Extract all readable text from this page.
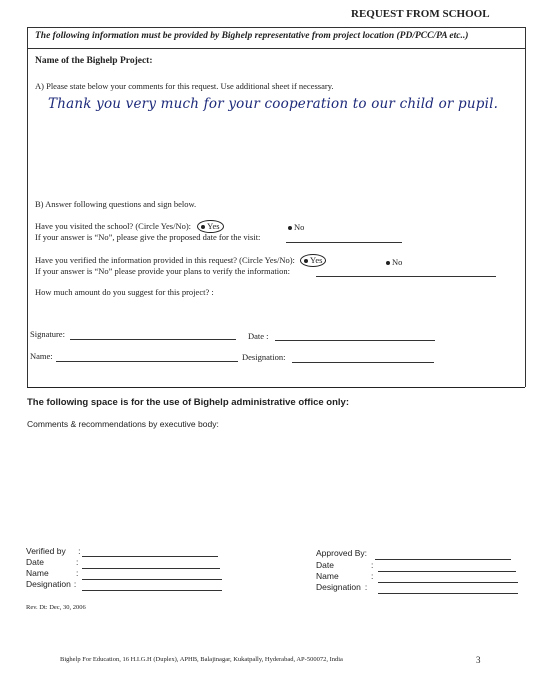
REQUEST FROM SCHOOL
The following information must be provided by Bighelp representative from project location (PD/PCC/PA etc..)
Name of the Bighelp Project:
A) Please state below your comments for this request. Use additional sheet if necessary.
Thank you very much for your cooperation to our child or pupil.
B) Answer following questions and sign below.
Have you visited the school? (Circle Yes/No): Yes	No
If your answer is “No”, please give the proposed date for the visit:
Have you verified the information provided in this request? (Circle Yes/No): Yes	No
If your answer is “No” please provide your plans to verify the information:
How much amount do you suggest for this project? :
Signature:	Date :
Name:	Designation:
The following space is for the use of Bighelp administrative office only:
Comments & recommendations by executive body:
Verified by :
Date	:
Name	:
Designation :
Approved By:
Date	:
Name	:
Designation :
Rev. Dt: Dec, 30, 2006
Bighelp For Education, 16 H.I.G.H (Duplex), APHB, Balajinagar, Kukatpally, Hyderabad, AP-500072, India	3
